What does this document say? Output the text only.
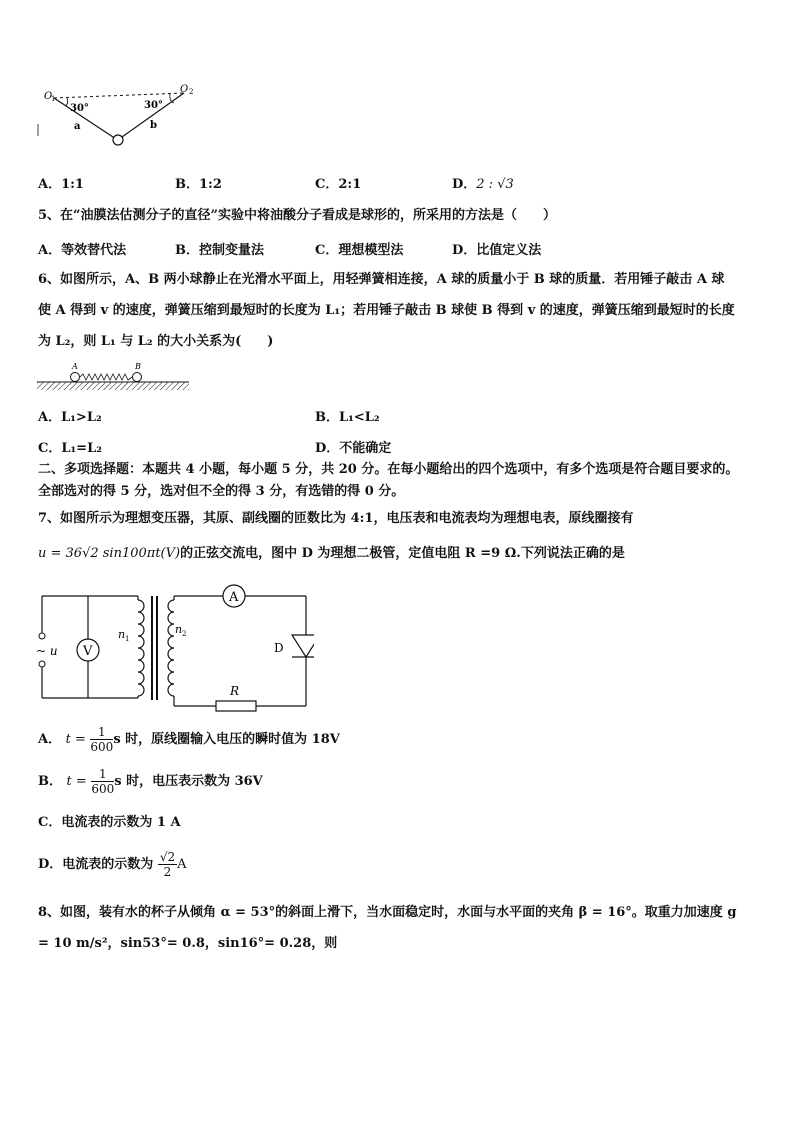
O
1
O 2
30°	30°
a	b
A．1:1	B．1:2	C．2:1	D．2 : √3
5、在“油膜法估测分子的直径”实验中将油酸分子看成是球形的，所采用的方法是（　　）
A．等效替代法	B．控制变量法	C．理想模型法	D．比值定义法
6、如图所示，A、B 两小球静止在光滑水平面上，用轻弹簧相连接，A 球的质量小于 B 球的质量．若用锤子敲击 A 球
使 A 得到 v 的速度，弹簧压缩到最短时的长度为 L₁；若用锤子敲击 B 球使 B 得到 v 的速度，弹簧压缩到最短时的长度
为 L₂，则 L₁ 与 L₂ 的大小关系为(　　)
A	B
A．L₁>L₂	B．L₁<L₂
C．L₁=L₂	D．不能确定
二、多项选择题：本题共 4 小题，每小题 5 分，共 20 分。在每小题给出的四个选项中，有多个选项是符合题目要求的。
全部选对的得 5 分，选对但不全的得 3 分，有选错的得 0 分。
7、如图所示为理想变压器，其原、副线圈的匝数比为 4:1，电压表和电流表均为理想电表，原线圈接有
u = 36√2 sin100πt(V)的正弦交流电，图中 D 为理想二极管，定值电阻 R =9 Ω.下列说法正确的是
V
~ u
n 1
n 2
A
D
R
A． $t = \frac{1}{600}$ s 时，原线圈输入电压的瞬时值为 18V
B． $t = \frac{1}{600}$ s 时，电压表示数为 36V
C．电流表的示数为 1 A
D．电流表的示数为 $\frac{√2}{2}$ A
8、如图，装有水的杯子从倾角 α = 53°的斜面上滑下，当水面稳定时，水面与水平面的夹角 β = 16°。取重力加速度 g
= 10 m/s²，sin53°= 0.8，sin16°= 0.28，则
